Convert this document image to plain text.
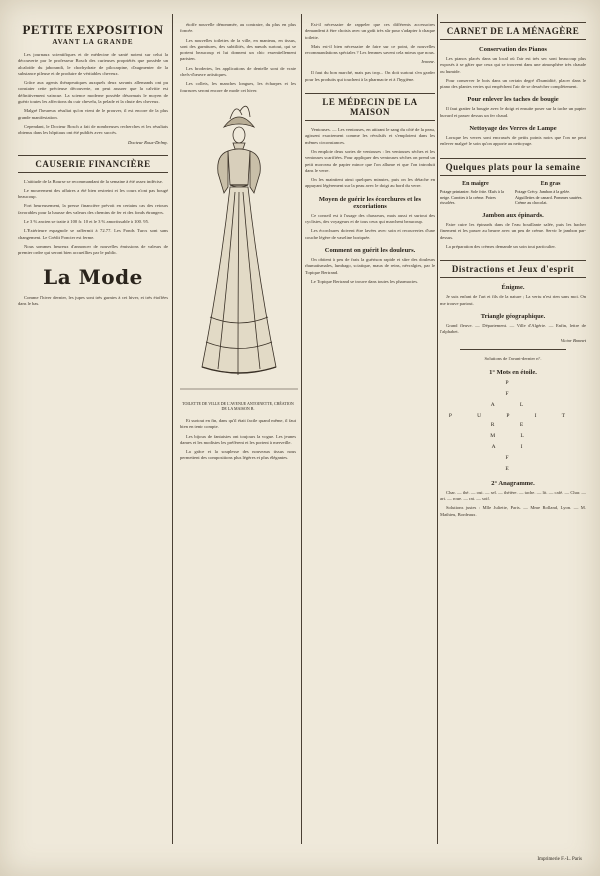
PETITE EXPOSITION
AVANT LA GRANDE

Les journaux scientifiques et de médecine de santé notent sur celui la découverte par le professeur Bosch des curieuses propriétés que possède un alcaloïde du jaborandi, le chorhydrate de pilocarpine, d'augmenter de la substance pileuse et de produire de véritables cheveux.

Grâce aux agents thérapeutiques auxquels deux savants allemands ont pu constater cette précieuse découverte, on peut assurer que la calvitie est définitivement vaincue. La science moderne possède désormais le moyen de guérir toutes les affections du cuir chevelu, la pelade et la chute des cheveux.

Malgré l'heureux résultat qu'on vient de le prouver, il est encore de la plus grande manifestation.

Cependant, le Docteur Bosch a fait de nombreuses recherches et les résultats obtenus dans les hôpitaux ont été publiés avec succès.

Docteur Roux-Delmy.

CAUSERIE FINANCIÈRE

L'attitude de la Bourse se recommandant de la semaine à été assez indécise.

Le mouvement des affaires a été bien restreint et les cours n'ont pas bougé beaucoup.

Fort heureusement, la presse financière prévoit en certains cas des retours favorables pour la hausse des valeurs des chemins de fer et des fonds étrangers.

Le 3 % ancien se traite à 100 fr. 10 et le 3 % amortissable à 100. 95.

L'Extérieure espagnole se raffermit à 72.77. Les Fonds Turcs sont sans changement. Le Crédit Foncier est ferme.

Nous sommes heureux d'annoncer de nouvelles émissions de valeurs de premier ordre qui seront bien accueillies par le public.

La Mode

Comme l'hiver dernier, les jupes sont très garnies à cet hiver, et très étoffées dans le bas.

étoffe nouvelle dénommée, au contraire, du plus en plus foncée.

Les nouvelles toilettes de la ville, en manteau, en tissus, sont des garnitures, des subtilités, des nœuds surtout, qui se portent beaucoup et lui donnent un chic essentiellement parisien.

Les broderies, les applications de dentelle sont de vraie chefs-d'œuvre artistiques.

Les collets, les manches longues, les écharpes et les fourrures seront encore de mode cet hiver.

TOILETTE DE VILLE DE L'AVENUE ANTOINETTE, CRÉATION DE LA MAISON B.

Et surtout en fin, dans qu'il était facile quand même, il faut bien en tenir compte.

Les bijoux de fantaisies ont toujours la vogue. Les jeunes dames et les modistes les préfèrent et les portent à merveille.

La grâce et la souplesse des nouveaux tissus nous permettent des compositions plus légères et plus élégantes.

Est-il nécessaire de rappeler que ces différents accessoires demandent à être choisis avec un goût très sûr pour s'adapter à chaque toilette.

Mais est-il bien nécessaire de faire sur ce point, de nouvelles recommandations spéciales ? Les femmes savent cela mieux que nous.

Ivonne.

Il faut du bon marché, mais pas trop... On doit surtout s'en garder pour les produits qui touchent à la pharmacie et à l'hygiène.

LE MÉDECIN DE LA MAISON

Ventouses. — Les ventouses, en attirant le sang du côté de la peau, agissent exactement comme les révulsifs et s'emploient dans les mêmes circonstances.

On emploie deux sortes de ventouses : les ventouses sèches et les ventouses scarifiées. Pour appliquer des ventouses sèches on prend un petit morceau de papier mince que l'on allume et que l'on introduit dans le verre.

On les maintient ainsi quelques minutes, puis on les détache en appuyant légèrement sur la peau avec le doigt au bord du verre.

Moyen de guérir les écorchures et les excoriations

Ce conseil est à l'usage des chasseurs, mais aussi et surtout des cyclistes, des voyageurs et de tous ceux qui marchent beaucoup.

Les écorchures doivent être lavées avec soin et recouvertes d'une couche légère de vaseline boriquée.

Comment on guérit les douleurs.

On obtient à peu de frais la guérison rapide et sûre des douleurs rhumatismales, lumbago, sciatique, maux de reins, névralgies, par le Topique Bertrand.

Le Topique Bertrand se trouve dans toutes les pharmacies.

CARNET DE LA MÉNAGÈRE
Conservation des Pianos

Les pianos placés dans un local où l'air est très sec sont beaucoup plus exposés à se gâter que ceux qui se trouvent dans une atmosphère très chaude ou humide.

Pour conserver le bois dans un certain degré d'humidité, placer dans le piano des plantes vertes qui empêchent l'air de se dessécher complètement.

Pour enlever les taches de bougie

Il faut gratter la bougie avec le doigt et ensuite poser sur la tache un papier buvard et passer dessus un fer chaud.

Nettoyage des Verres de Lampe

Lorsque les verres sont encrassés de petits points noirs que l'on ne peut enlever malgré le soin qu'on apporte au nettoyage.

Quelques plats pour la semaine
En maigre
Potage printanier. Sole frite. Œufs à la neige. Carottes à la crème. Poires rissolées.
En gras
Potage Crécy. Jambon à la gelée. Aiguillettes de canard. Pommes sautées. Crème au chocolat.
Jambon aux épinards.

Faire cuire les épinards dans de l'eau bouillante salée, puis les hacher finement et les passer au beurre avec un peu de crème. Servir le jambon par-dessus.

La préparation des crèmes demande un soin tout particulier.

Distractions et Jeux d'esprit
Énigme.

Je suis enfant de l'art et fils de la nature ; La vertu n'est rien sans moi. On me trouve partout.

Triangle géographique.

Grand fleuve. — Département. — Ville d'Algérie. — Enfin, lettre de l'alphabet.

Victor Bonnet

Solutions de l'avant-dernier n°.

1° Mots en étoile.
P
F
A L
P U P I T R E
M L
A I
F
E
2° Anagramme.

Char. — thé. — oui. — sel. — théière. — tache. — lit. — café. — Char. — art. — roue. — rat. — soif.

Solutions justes : Mlle Juliette, Paris. — Mme Rolland, Lyon. — M. Mathieu, Bordeaux.

Imprimerie F.-L. Paris
